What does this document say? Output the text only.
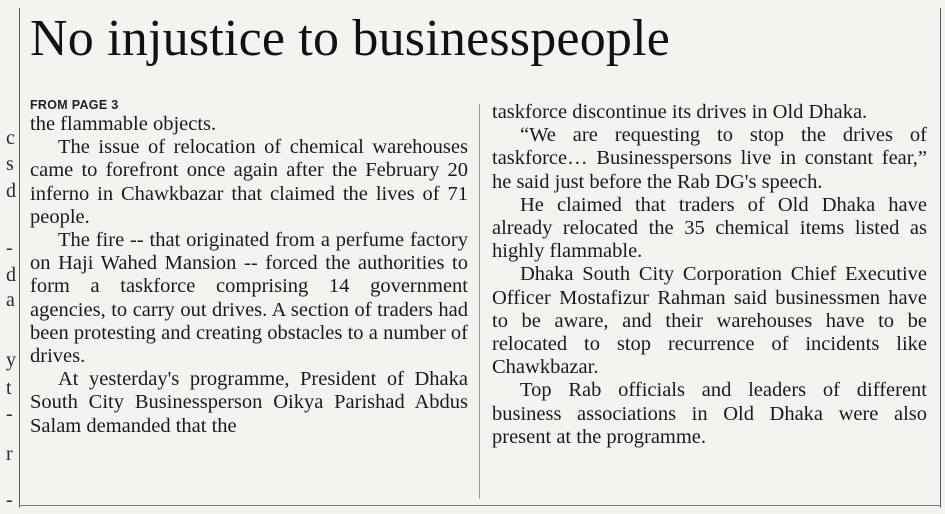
c
s
d
-
d
a
y
t
-
r
-
No injustice to businesspeople
FROM PAGE 3

the flammable objects.

The issue of relocation of chemical warehouses came to forefront once again after the February 20 inferno in Chawkbazar that claimed the lives of 71 people.

The fire -- that originated from a perfume factory on Haji Wahed Mansion -- forced the authorities to form a taskforce comprising 14 government agencies, to carry out drives. A section of traders had been protesting and creating obstacles to a number of drives.

At yesterday's programme, President of Dhaka South City Businessperson Oikya Parishad Abdus Salam demanded that the

taskforce discontinue its drives in Old Dhaka.

“We are requesting to stop the drives of taskforce… Businesspersons live in constant fear,” he said just before the Rab DG's speech.

He claimed that traders of Old Dhaka have already relocated the 35 chemical items listed as highly flammable.

Dhaka South City Corporation Chief Executive Officer Mostafizur Rahman said businessmen have to be aware, and their warehouses have to be relocated to stop recurrence of incidents like Chawkbazar.

Top Rab officials and leaders of different business associations in Old Dhaka were also present at the programme.
